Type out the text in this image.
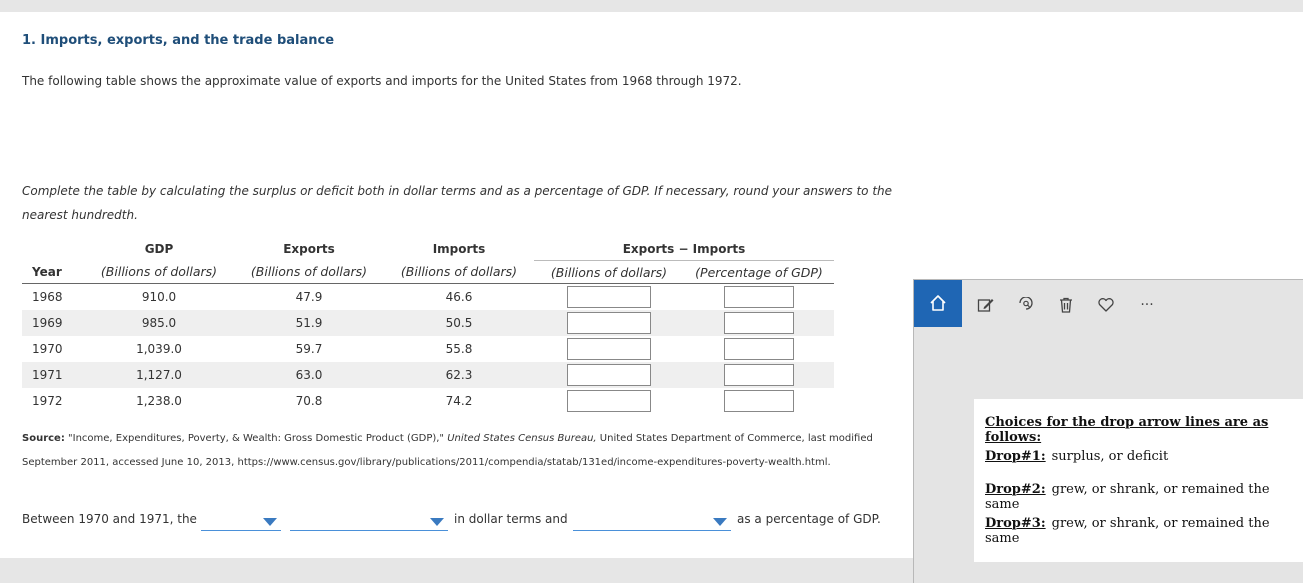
1. Imports, exports, and the trade balance
The following table shows the approximate value of exports and imports for the United States from 1968 through 1972.
Complete the table by calculating the surplus or deficit both in dollar terms and as a percentage of GDP. If necessary, round your answers to the nearest hundredth.
	GDP	Exports	Imports	Exports − Imports	
Year	(Billions of dollars)	(Billions of dollars)	(Billions of dollars)	(Billions of dollars)	(Percentage of GDP)
1968	910.0	47.9	46.6		
1969	985.0	51.9	50.5		
1970	1,039.0	59.7	55.8		
1971	1,127.0	63.0	62.3		
1972	1,238.0	70.8	74.2		
Source: "Income, Expenditures, Poverty, & Wealth: Gross Domestic Product (GDP)," United States Census Bureau, United States Department of Commerce, last modified September 2011, accessed June 10, 2013, https://www.census.gov/library/publications/2011/compendia/statab/131ed/income-expenditures-poverty-wealth.html.
Between 1970 and 1971, the	in dollar terms and	as a percentage of GDP.
···
Choices for the drop arrow lines are as follows:
Drop#1: surplus, or deficit
Drop#2: grew, or shrank, or remained the same
Drop#3: grew, or shrank, or remained the same
